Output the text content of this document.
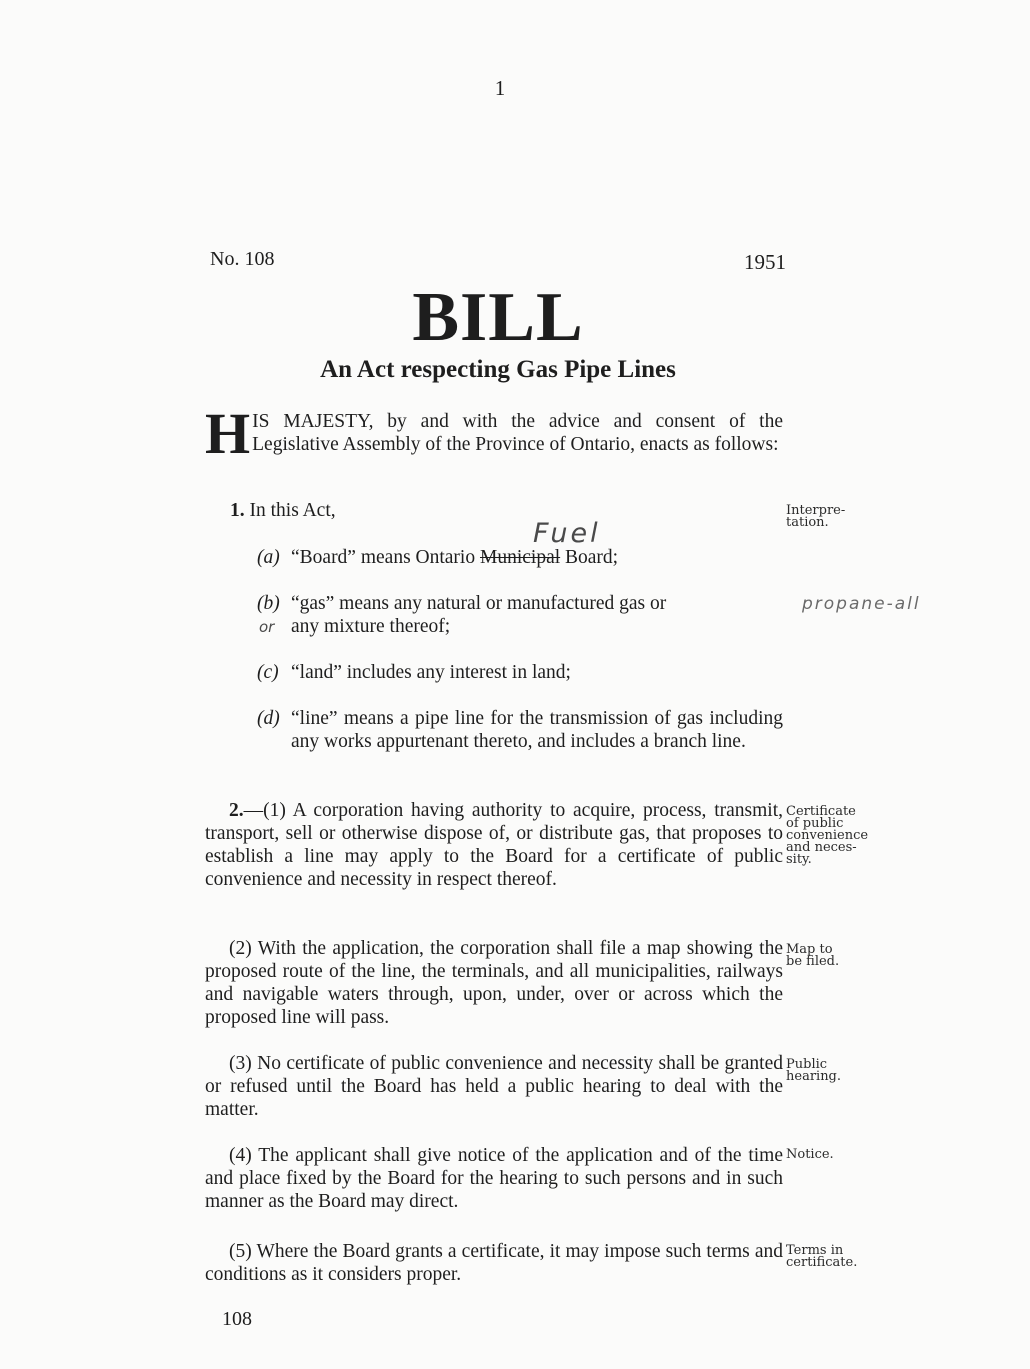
1
No. 108	1951
BILL
An Act respecting Gas Pipe Lines
HIS MAJESTY, by and with the advice and consent of the Legislative Assembly of the Province of Ontario, enacts as follows:
1. In this Act,	Interpre-
tation.
Fuel
(a) “Board” means Ontario Municipal Board;
(b) “gas” means any natural or manufactured gas or
any mixture thereof;
or
propane-all
(c) “land” includes any interest in land;
(d) “line” means a pipe line for the transmission of gas including any works appurtenant thereto, and includes a branch line.
2.—(1) A corporation having authority to acquire, process, transmit, transport, sell or otherwise dispose of, or distribute gas, that proposes to establish a line may apply to the Board for a certificate of public convenience and necessity in respect thereof.
Certificate
of public
convenience
and neces-
sity.
(2) With the application, the corporation shall file a map showing the proposed route of the line, the terminals, and all municipalities, railways and navigable waters through, upon, under, over or across which the proposed line will pass.
Map to
be filed.
(3) No certificate of public convenience and necessity shall be granted or refused until the Board has held a public hearing to deal with the matter.
Public
hearing.
(4) The applicant shall give notice of the application and of the time and place fixed by the Board for the hearing to such persons and in such manner as the Board may direct.
Notice.
(5) Where the Board grants a certificate, it may impose such terms and conditions as it considers proper.
Terms in
certificate.
108
